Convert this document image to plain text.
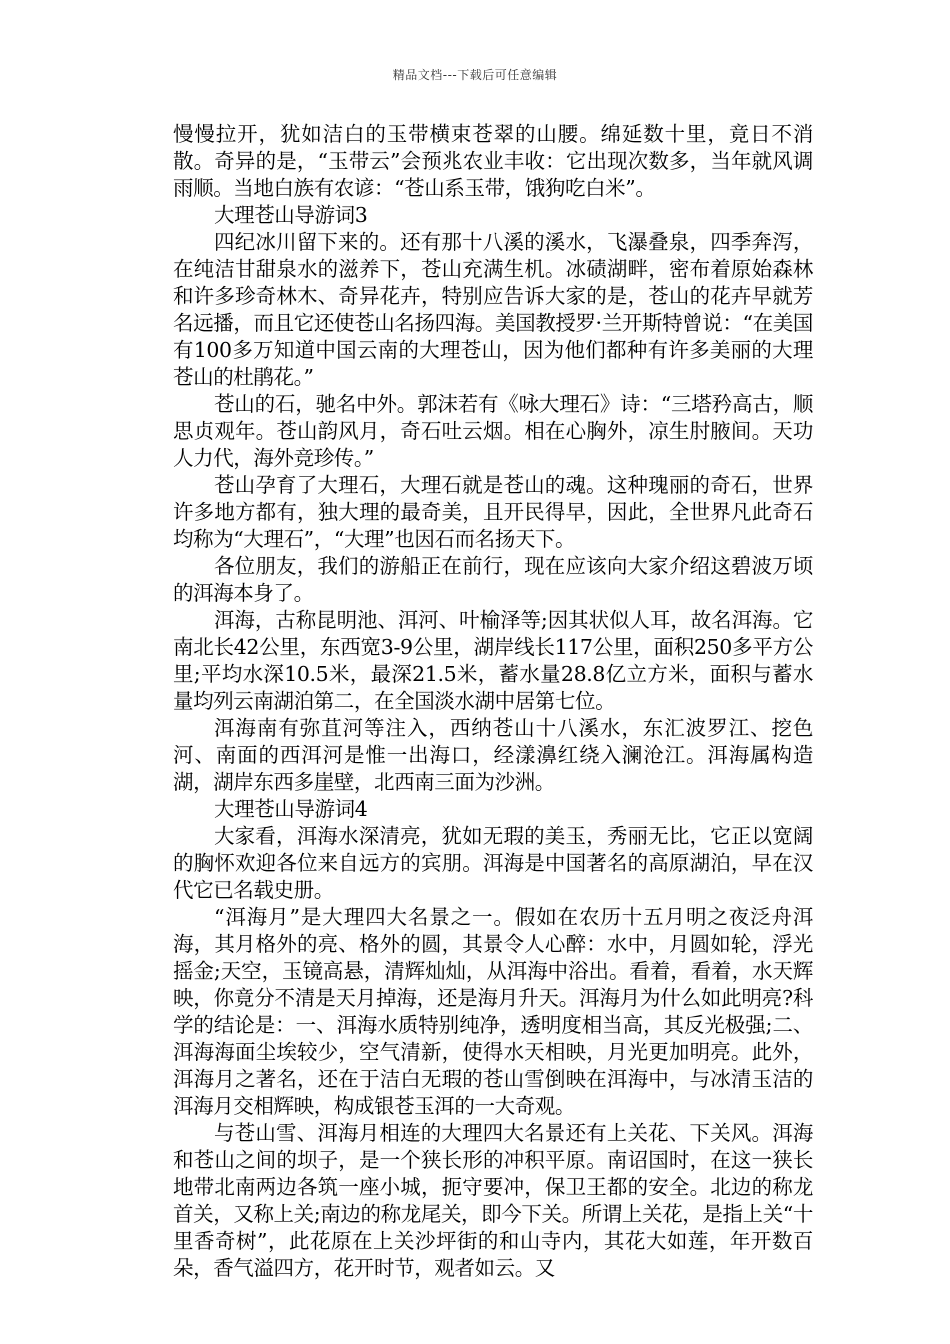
精品文档---下载后可任意编辑

慢慢拉开，犹如洁白的玉带横束苍翠的山腰。绵延数十里，竟日不消散。奇异的是，“玉带云”会预兆农业丰收：它出现次数多，当年就风调雨顺。当地白族有农谚：“苍山系玉带，饿狗吃白米”。

大理苍山导游词3

四纪冰川留下来的。还有那十八溪的溪水，飞瀑叠泉，四季奔泻，在纯洁甘甜泉水的滋养下，苍山充满生机。冰碛湖畔，密布着原始森林和许多珍奇林木、奇异花卉，特别应告诉大家的是，苍山的花卉早就芳名远播，而且它还使苍山名扬四海。美国教授罗·兰开斯特曾说：“在美国有100多万知道中国云南的大理苍山，因为他们都种有许多美丽的大理苍山的杜鹃花。”

苍山的石，驰名中外。郭沫若有《咏大理石》诗：“三塔矜高古，顺思贞观年。苍山韵风月，奇石吐云烟。相在心胸外，凉生肘腋间。天功人力代，海外竞珍传。”

苍山孕育了大理石，大理石就是苍山的魂。这种瑰丽的奇石，世界许多地方都有，独大理的最奇美，且开民得早，因此，全世界凡此奇石均称为“大理石”，“大理”也因石而名扬天下。

各位朋友，我们的游船正在前行，现在应该向大家介绍这碧波万顷的洱海本身了。

洱海，古称昆明池、洱河、叶榆泽等;因其状似人耳，故名洱海。它南北长42公里，东西宽3-9公里，湖岸线长117公里，面积250多平方公里;平均水深10.5米，最深21.5米，蓄水量28.8亿立方米，面积与蓄水量均列云南湖泊第二，在全国淡水湖中居第七位。

洱海南有弥苴河等注入，西纳苍山十八溪水，东汇波罗江、挖色河、南面的西洱河是惟一出海口，经漾濞红绕入澜沧江。洱海属构造湖，湖岸东西多崖壁，北西南三面为沙洲。

大理苍山导游词4

大家看，洱海水深清亮，犹如无瑕的美玉，秀丽无比，它正以宽阔的胸怀欢迎各位来自远方的宾朋。洱海是中国著名的高原湖泊，早在汉代它已名载史册。

“洱海月”是大理四大名景之一。假如在农历十五月明之夜泛舟洱海，其月格外的亮、格外的圆，其景令人心醉：水中，月圆如轮，浮光摇金;天空，玉镜高悬，清辉灿灿，从洱海中浴出。看着，看着，水天辉映，你竟分不清是天月掉海，还是海月升天。洱海月为什么如此明亮?科学的结论是：一、洱海水质特别纯净，透明度相当高，其反光极强;二、洱海海面尘埃较少，空气清新，使得水天相映，月光更加明亮。此外，洱海月之著名，还在于洁白无瑕的苍山雪倒映在洱海中，与冰清玉洁的洱海月交相辉映，构成银苍玉洱的一大奇观。

与苍山雪、洱海月相连的大理四大名景还有上关花、下关风。洱海和苍山之间的坝子，是一个狭长形的冲积平原。南诏国时，在这一狭长地带北南两边各筑一座小城，扼守要冲，保卫王都的安全。北边的称龙首关，又称上关;南边的称龙尾关，即今下关。所谓上关花，是指上关“十里香奇树”，此花原在上关沙坪街的和山寺内，其花大如莲，年开数百朵，香气溢四方，花开时节，观者如云。又
